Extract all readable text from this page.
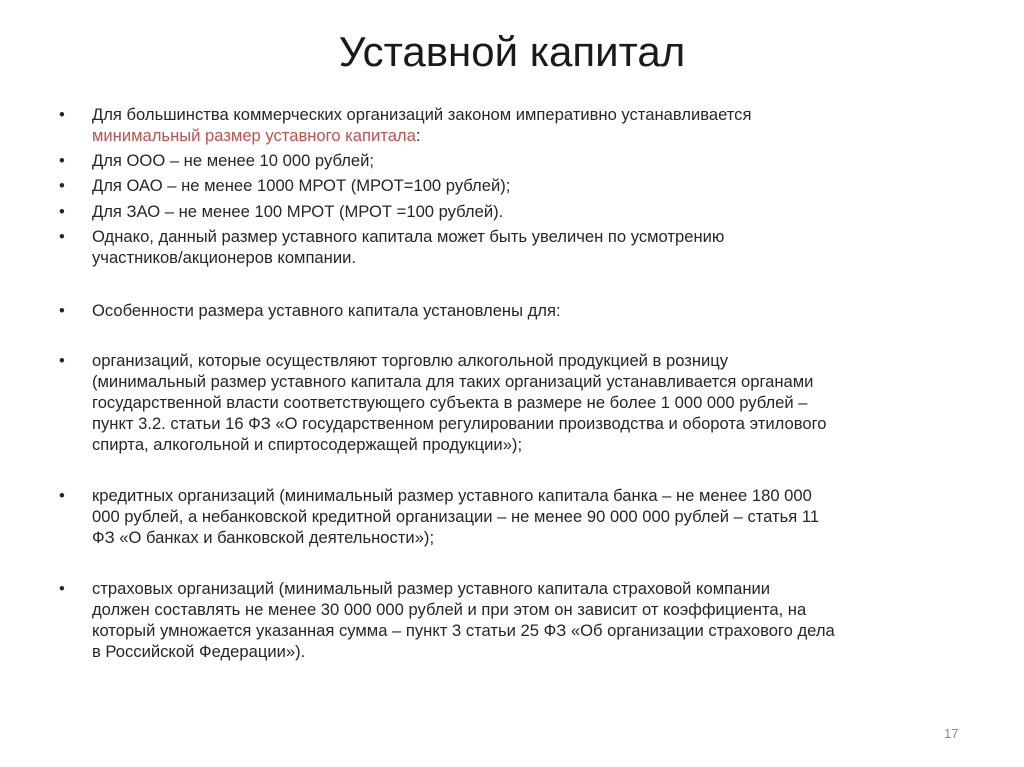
Уставной капитал
• Для большинства коммерческих организаций законом императивно устанавливается
минимальный размер уставного капитала:
• Для ООО – не менее 10 000 рублей;
• Для ОАО – не менее 1000 МРОТ (МРОТ=100 рублей);
• Для ЗАО – не менее 100 МРОТ (МРОТ =100 рублей).
• Однако, данный размер уставного капитала может быть увеличен по усмотрению
участников/акционеров компании.
• Особенности размера уставного капитала установлены для:
• организаций, которые осуществляют торговлю алкогольной продукцией в розницу
(минимальный размер уставного капитала для таких организаций устанавливается органами
государственной власти соответствующего субъекта в размере не более 1 000 000 рублей –
пункт 3.2. статьи 16 ФЗ «О государственном регулировании производства и оборота этилового
спирта, алкогольной и спиртосодержащей продукции»);
• кредитных организаций (минимальный размер уставного капитала банка – не менее 180 000
000 рублей, а небанковской кредитной организации – не менее 90 000 000 рублей – статья 11
ФЗ «О банках и банковской деятельности»);
• страховых организаций (минимальный размер уставного капитала страховой компании
должен составлять не менее 30 000 000 рублей и при этом он зависит от коэффициента, на
который умножается указанная сумма – пункт 3 статьи 25 ФЗ «Об организации страхового дела
в Российской Федерации»).
17
